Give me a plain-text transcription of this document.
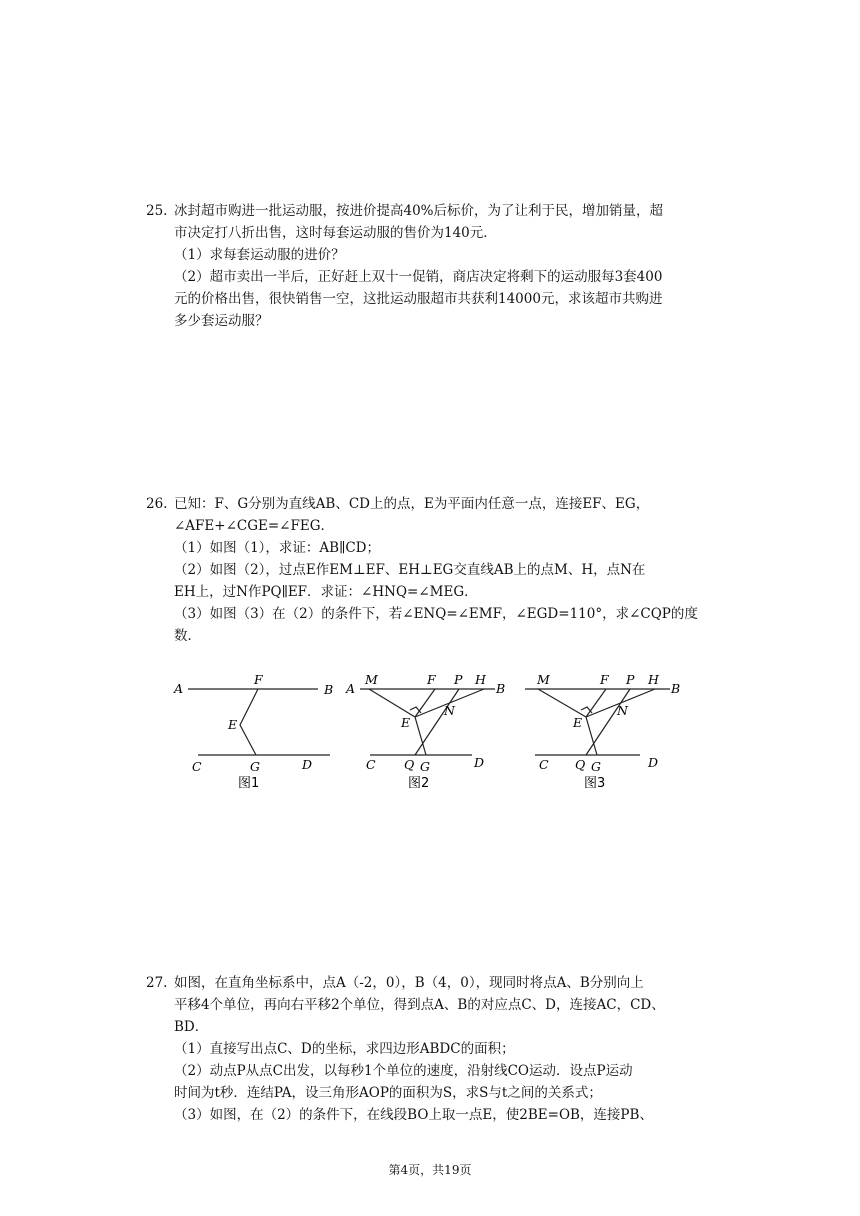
25. 冰封超市购进一批运动服，按进价提高40%后标价，为了让利于民，增加销量，超
市决定打八折出售，这时每套运动服的售价为140元．
（1）求每套运动服的进价？
（2）超市卖出一半后，正好赶上双十一促销，商店决定将剩下的运动服每3套400
元的价格出售，很快销售一空，这批运动服超市共获利14000元，求该超市共购进
多少套运动服？
26. 已知：F、G分别为直线AB、CD上的点，E为平面内任意一点，连接EF、EG，
∠AFE+∠CGE=∠FEG．
（1）如图（1），求证：AB∥CD；
（2）如图（2），过点E作EM⊥EF、EH⊥EG交直线AB上的点M、H，点N在
EH上，过N作PQ∥EF．求证：∠HNQ=∠MEG．
（3）如图（3）在（2）的条件下，若∠ENQ=∠EMF，∠EGD=110°，求∠CQP的度
数．
A
F
B
E
C	G	D
图1
A
M	F P H
B
E
N
C Q G	D
图2
M	F P H
B
E
N
C Q G	D
图3
27. 如图，在直角坐标系中，点A（-2，0），B（4，0），现同时将点A、B分别向上
平移4个单位，再向右平移2个单位，得到点A、B的对应点C、D，连接AC，CD、
BD．
（1）直接写出点C、D的坐标，求四边形ABDC的面积；
（2）动点P从点C出发，以每秒1个单位的速度，沿射线CO运动．设点P运动
时间为t秒．连结PA，设三角形AOP的面积为S，求S与t之间的关系式；
（3）如图，在（2）的条件下，在线段BO上取一点E，使2BE=OB，连接PB、
第4页，共19页
